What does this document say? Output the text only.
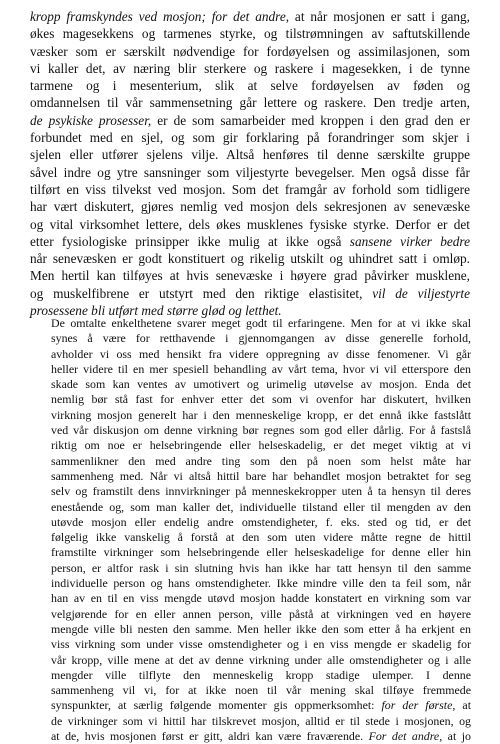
kropp framskyndes ved mosjon; for det andre, at når mosjonen er satt i gang,
økes magesekkens og tarmenes styrke, og tilstrømningen av saftutskillende
væsker som er særskilt nødvendige for fordøyelsen og assimilasjonen, som
vi kaller det, av næring blir sterkere og raskere i magesekken, i de tynne
tarmene og i mesenterium, slik at selve fordøyelsen av føden og
omdannelsen til vår sammensetning går lettere og raskere. Den tredje arten,
de psykiske prosesser, er de som samarbeider med kroppen i den grad den er
forbundet med en sjel, og som gir forklaring på forandringer som skjer i
sjelen eller utfører sjelens vilje. Altså henføres til denne særskilte gruppe
såvel indre og ytre sansninger som viljestyrte bevegelser. Men også disse får
tilført en viss tilvekst ved mosjon. Som det framgår av forhold som tidligere
har vært diskutert, gjøres nemlig ved mosjon dels sekresjonen av senevæske
og vital virksomhet lettere, dels økes musklenes fysiske styrke. Derfor er det
etter fysiologiske prinsipper ikke mulig at ikke også sansene virker bedre
når senevæsken er godt konstituert og rikelig utskilt og uhindret satt i omløp.
Men hertil kan tilføyes at hvis senevæske i høyere grad påvirker musklene,
og muskelfibrene er utstyrt med den riktige elastisitet, vil de viljestyrte
prosessene bli utført med større glød og letthet.
De omtalte enkelthetene svarer meget godt til erfaringene. Men for at vi ikke skal
synes å være for retthavende i gjennomgangen av disse generelle forhold,
avholder vi oss med hensikt fra videre oppregning av disse fenomener. Vi går
heller videre til en mer spesiell behandling av vårt tema, hvor vi vil etterspore den
skade som kan ventes av umotivert og urimelig utøvelse av mosjon. Enda det
nemlig bør stå fast for enhver etter det som vi ovenfor har diskutert, hvilken
virkning mosjon generelt har i den menneskelige kropp, er det ennå ikke fastslått
ved vår diskusjon om denne virkning bør regnes som god eller dårlig. For å fastslå
riktig om noe er helsebringende eller helseskadelig, er det meget viktig at vi
sammenlikner den med andre ting som den på noen som helst måte har
sammenheng med. Når vi altså hittil bare har behandlet mosjon betraktet for seg
selv og framstilt dens innvirkninger på menneskekropper uten å ta hensyn til deres
enestående og, som man kaller det, individuelle tilstand eller til mengden av den
utøvde mosjon eller endelig andre omstendigheter, f. eks. sted og tid, er det
følgelig ikke vanskelig å forstå at den som uten videre måtte regne de hittil
framstilte virkninger som helsebringende eller helseskadelige for denne eller hin
person, er altfor rask i sin slutning hvis han ikke har tatt hensyn til den samme
individuelle person og hans omstendigheter. Ikke mindre ville den ta feil som, når
han av en til en viss mengde utøvd mosjon hadde konstatert en virkning som var
velgjørende for en eller annen person, ville påstå at virkningen ved en høyere
mengde ville bli nesten den samme. Men heller ikke den som etter å ha erkjent en
viss virkning som under visse omstendigheter og i en viss mengde er skadelig for
vår kropp, ville mene at det av denne virkning under alle omstendigheter og i alle
mengder ville tilflyte den menneskelig kropp stadige ulemper. I denne
sammenheng vil vi, for at ikke noen til vår mening skal tilføye fremmede
synspunkter, at særlig følgende momenter gis oppmerksomhet: for der første, at
de virkninger som vi hittil har tilskrevet mosjon, alltid er til stede i mosjonen, og
at de, hvis mosjonen først er gitt, aldri kan være fraværende. For det andre, at jo
